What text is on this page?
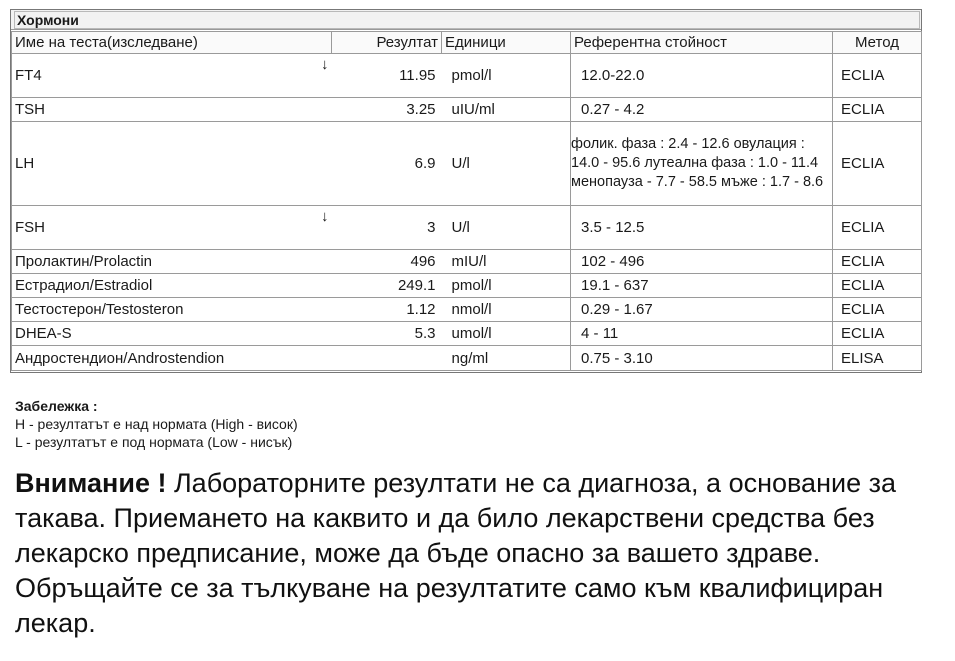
Хормони
Име на теста(изследване)		Резултат	Единици	Референтна стойност	Метод
FT4	↓	11.95	pmol/l	12.0-22.0	ECLIA
TSH		3.25	uIU/ml	0.27 - 4.2	ECLIA
LH		6.9	U/l	фолик. фаза : 2.4 - 12.6 овулация : 14.0 - 95.6 лутеална фаза : 1.0 - 11.4 менопауза - 7.7 - 58.5 мъже : 1.7 - 8.6	ECLIA
FSH	↓	3	U/l	3.5 - 12.5	ECLIA
Пролактин/Prolactin		496	mIU/l	102 - 496	ECLIA
Естрадиол/Estradiol		249.1	pmol/l	19.1 - 637	ECLIA
Тестостерон/Testosteron		1.12	nmol/l	0.29 - 1.67	ECLIA
DHEA-S		5.3	umol/l	4 - 11	ECLIA
Андростендион/Androstendion			ng/ml	0.75 - 3.10	ELISA
Забележка :
H - резултатът е над нормата (High - висок)
L - резултатът е под нормата (Low - нисък)
Внимание ! Лабораторните резултати не са диагноза, а основание за такава. Приемането на каквито и да било лекарствени средства без лекарско предписание, може да бъде опасно за вашето здраве. Обръщайте се за тълкуване на резултатите само към квалифициран лекар.
